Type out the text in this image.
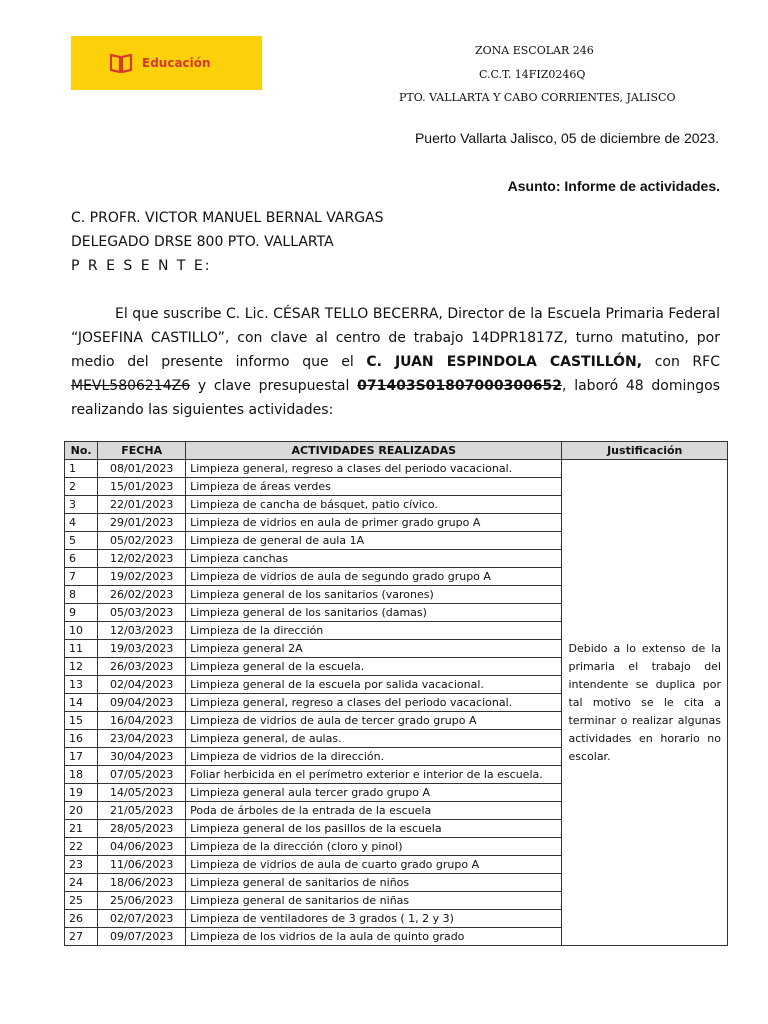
Educación
ZONA ESCOLAR 246
C.C.T. 14FIZ0246Q
PTO. VALLARTA Y CABO CORRIENTES, JALISCO
Puerto Vallarta Jalisco, 05 de diciembre de 2023.
Asunto: Informe de actividades.
C. PROFR. VICTOR MANUEL BERNAL VARGAS
DELEGADO DRSE 800 PTO. VALLARTA
P R E S E N T E:

El que suscribe C. Lic. CÉSAR TELLO BECERRA, Director de la Escuela Primaria Federal “JOSEFINA CASTILLO”, con clave al centro de trabajo 14DPR1817Z, turno matutino, por medio del presente informo que el C. JUAN ESPINDOLA CASTILLÓN, con RFC MEVL5806214Z6 y clave presupuestal 071403S01807000300652, laboró 48 domingos realizando las siguientes actividades:

No.	FECHA	ACTIVIDADES REALIZADAS	Justificación
1	08/01/2023	Limpieza general, regreso a clases del periodo vacacional.	Debido a lo extenso de la primaria el trabajo del intendente se duplica por tal motivo se le cita a terminar o realizar algunas actividades en horario no escolar.
2	15/01/2023	Limpieza de áreas verdes	
3	22/01/2023	Limpieza de cancha de básquet, patio cívico.	
4	29/01/2023	Limpieza de vidrios en aula de primer grado grupo A	
5	05/02/2023	Limpieza de general de aula 1A	
6	12/02/2023	Limpieza canchas	
7	19/02/2023	Limpieza de vidrios de aula de segundo grado grupo A	
8	26/02/2023	Limpieza general de los sanitarios (varones)	
9	05/03/2023	Limpieza general de los sanitarios (damas)	
10	12/03/2023	Limpieza de la dirección	
11	19/03/2023	Limpieza general 2A	
12	26/03/2023	Limpieza general de la escuela.	
13	02/04/2023	Limpieza general de la escuela por salida vacacional.	
14	09/04/2023	Limpieza general, regreso a clases del periodo vacacional.	
15	16/04/2023	Limpieza de vidrios de aula de tercer grado grupo A	
16	23/04/2023	Limpieza general, de aulas.	
17	30/04/2023	Limpieza de vidrios de la dirección.	
18	07/05/2023	Foliar herbicida en el perímetro exterior e interior de la escuela.	
19	14/05/2023	Limpieza general aula tercer grado grupo A	
20	21/05/2023	Poda de árboles de la entrada de la escuela	
21	28/05/2023	Limpieza general de los pasillos de la escuela	
22	04/06/2023	Limpieza de la dirección (cloro y pinol)	
23	11/06/2023	Limpieza de vidrios de aula de cuarto grado grupo A	
24	18/06/2023	Limpieza general de sanitarios de niños	
25	25/06/2023	Limpieza general de sanitarios de niñas	
26	02/07/2023	Limpieza de ventiladores de 3 grados ( 1, 2 y 3)	
27	09/07/2023	Limpieza de los vidrios de la aula de quinto grado	
